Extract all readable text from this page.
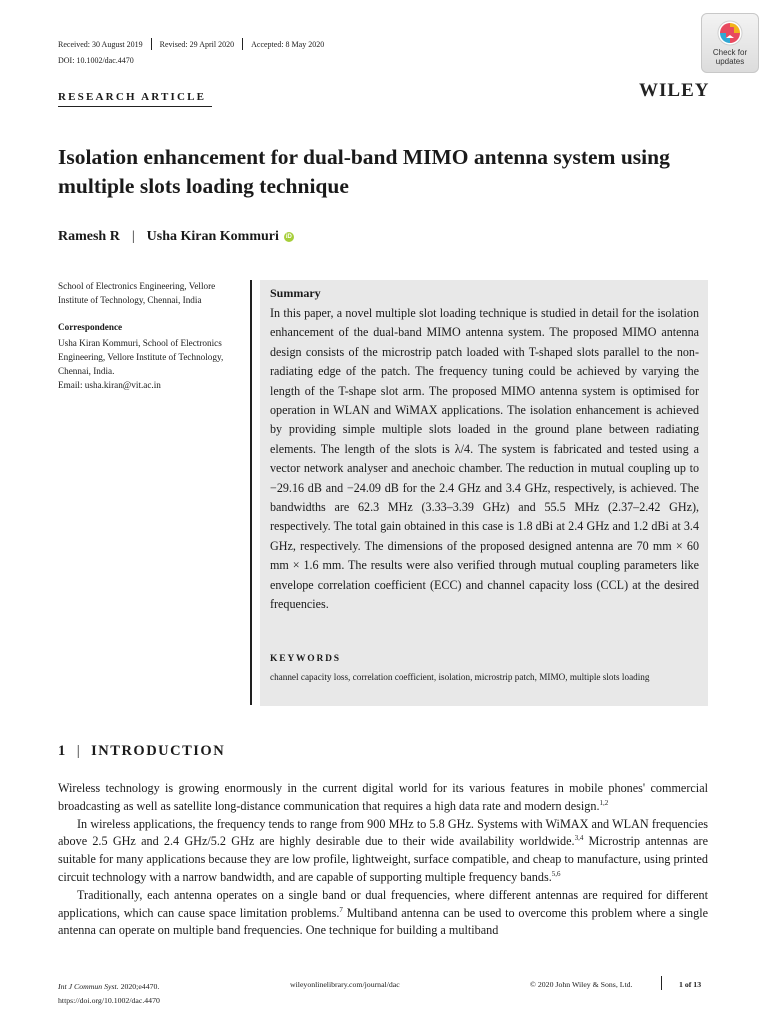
Received: 30 August 2019 Revised: 29 April 2020 Accepted: 8 May 2020
DOI: 10.1002/dac.4470
Check for
updates
WILEY
RESEARCH ARTICLE
Isolation enhancement for dual-band MIMO antenna system using multiple slots loading technique
Ramesh R | Usha Kiran Kommuri	iD
School of Electronics Engineering, Vellore Institute of Technology, Chennai, India
Correspondence
Usha Kiran Kommuri, School of Electronics Engineering, Vellore Institute of Technology, Chennai, India.
Email: usha.kiran@vit.ac.in
Summary
In this paper, a novel multiple slot loading technique is studied in detail for the isolation enhancement of the dual-band MIMO antenna system. The proposed MIMO antenna design consists of the microstrip patch loaded with T-shaped slots parallel to the non-radiating edge of the patch. The frequency tuning could be achieved by varying the length of the T-shape slot arm. The proposed MIMO antenna system is optimised for operation in WLAN and WiMAX applications. The isolation enhancement is achieved by providing simple multiple slots loaded in the ground plane between radiating elements. The length of the slots is λ/4. The system is fabricated and tested using a vector network analyser and anechoic chamber. The reduction in mutual coupling up to −29.16 dB and −24.09 dB for the 2.4 GHz and 3.4 GHz, respectively, is achieved. The bandwidths are 62.3 MHz (3.33–3.39 GHz) and 55.5 MHz (2.37–2.42 GHz), respectively. The total gain obtained in this case is 1.8 dBi at 2.4 GHz and 1.2 dBi at 3.4 GHz, respectively. The dimensions of the proposed designed antenna are 70 mm × 60 mm × 1.6 mm. The results were also verified through mutual coupling parameters like envelope correlation coefficient (ECC) and channel capacity loss (CCL) at the desired frequencies.
KEYWORDS
channel capacity loss, correlation coefficient, isolation, microstrip patch, MIMO, multiple slots loading
1 | INTRODUCTION

Wireless technology is growing enormously in the current digital world for its various features in mobile phones' commercial broadcasting as well as satellite long-distance communication that requires a high data rate and modern design.$^{1,2}$

In wireless applications, the frequency tends to range from 900 MHz to 5.8 GHz. Systems with WiMAX and WLAN frequencies above 2.5 GHz and 2.4 GHz/5.2 GHz are highly desirable due to their wide availability worldwide.$^{3,4}$ Microstrip antennas are suitable for many applications because they are low profile, lightweight, surface compatible, and cheap to manufacture, using printed circuit technology with a narrow bandwidth, and are capable of supporting multiple frequency bands.$^{5,6}$

Traditionally, each antenna operates on a single band or dual frequencies, where different antennas are required for different applications, which can cause space limitation problems.$^7$ Multiband antenna can be used to overcome this problem where a single antenna can operate on multiple band frequencies. One technique for building a multiband

Int J Commun Syst. 2020;e4470.
https://doi.org/10.1002/dac.4470
wileyonlinelibrary.com/journal/dac	© 2020 John Wiley & Sons, Ltd.	1 of 13
